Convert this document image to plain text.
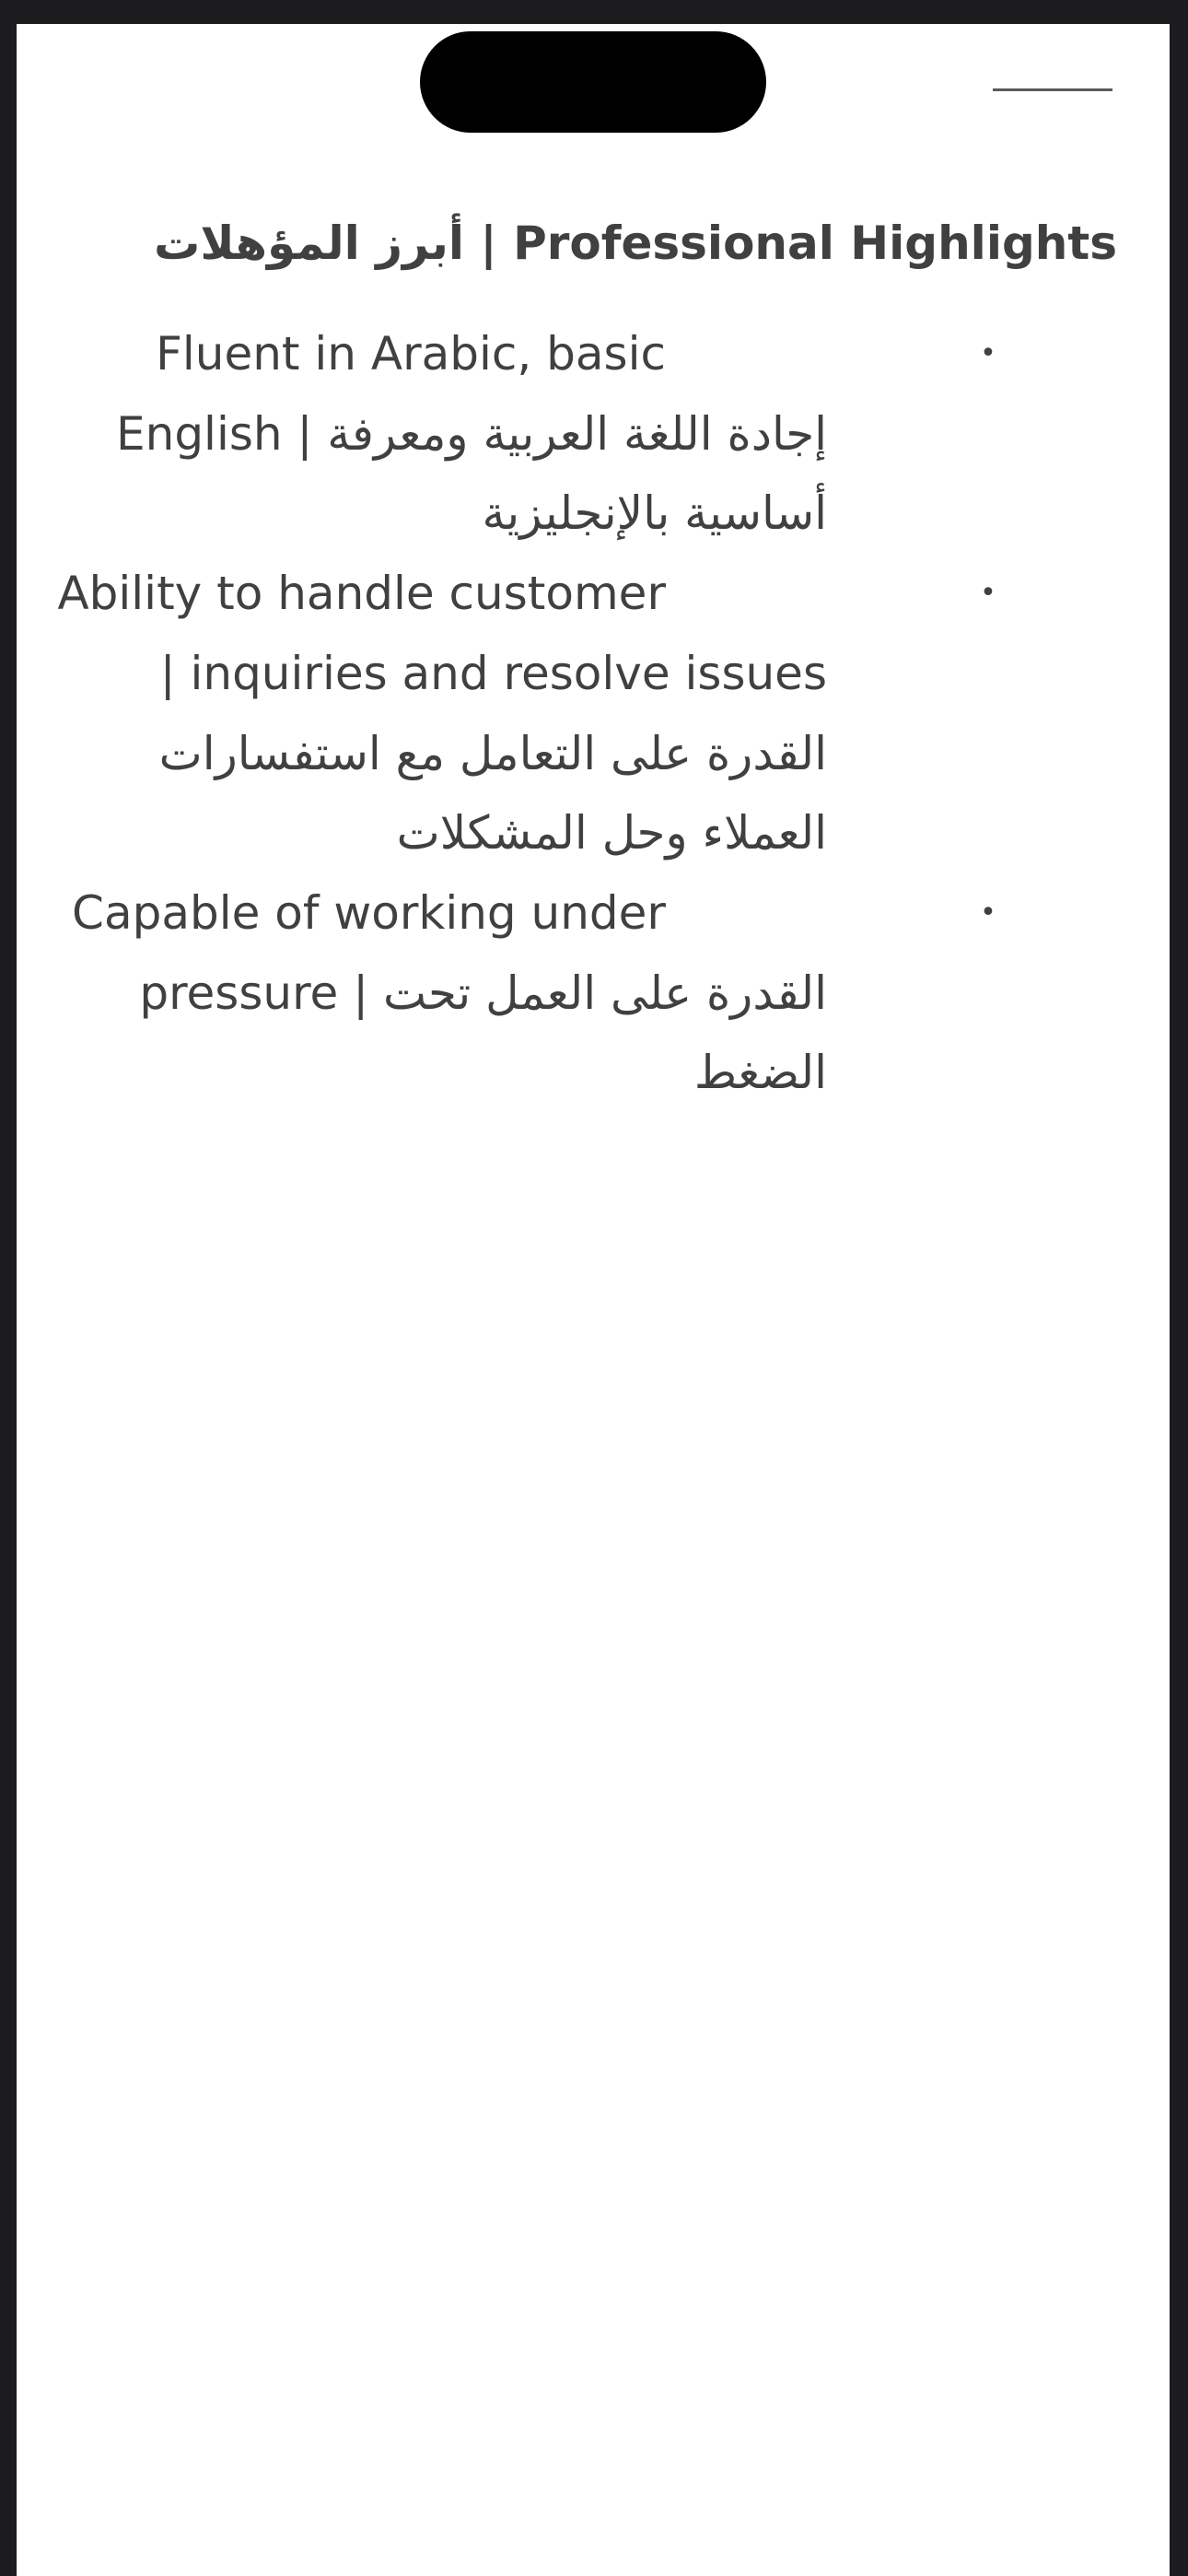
أبرز المؤهلات | Professional Highlights
•
Fluent in Arabic, basic
English | إجادة اللغة العربية ومعرفة
أساسية بالإنجليزية
•
Ability to handle customer
| inquiries and resolve issues
القدرة على التعامل مع استفسارات
العملاء وحل المشكلات
•
Capable of working under
pressure | القدرة على العمل تحت
الضغط
